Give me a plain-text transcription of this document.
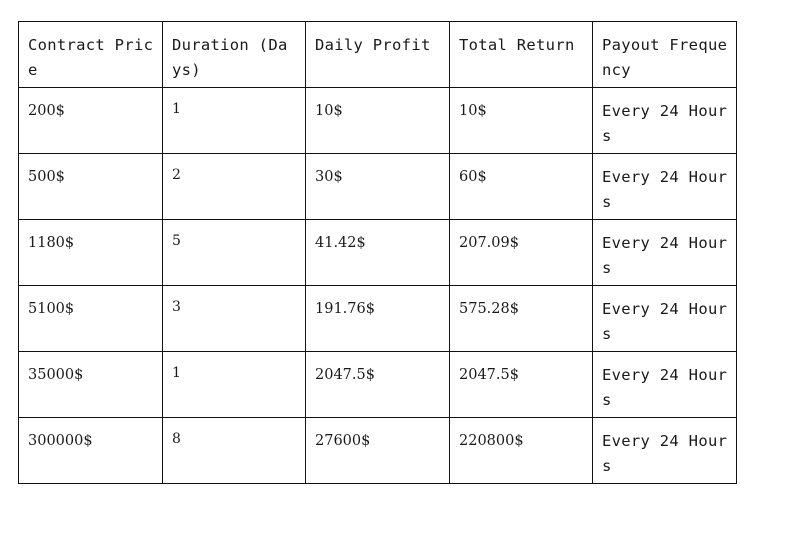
Contract Price	Duration (Days)	Daily Profit	Total Return	Payout Frequency
200$	1	10$	10$	Every 24 Hours
500$	2	30$	60$	Every 24 Hours
1180$	5	41.42$	207.09$	Every 24 Hours
5100$	3	191.76$	575.28$	Every 24 Hours
35000$	1	2047.5$	2047.5$	Every 24 Hours
300000$	8	27600$	220800$	Every 24 Hours
